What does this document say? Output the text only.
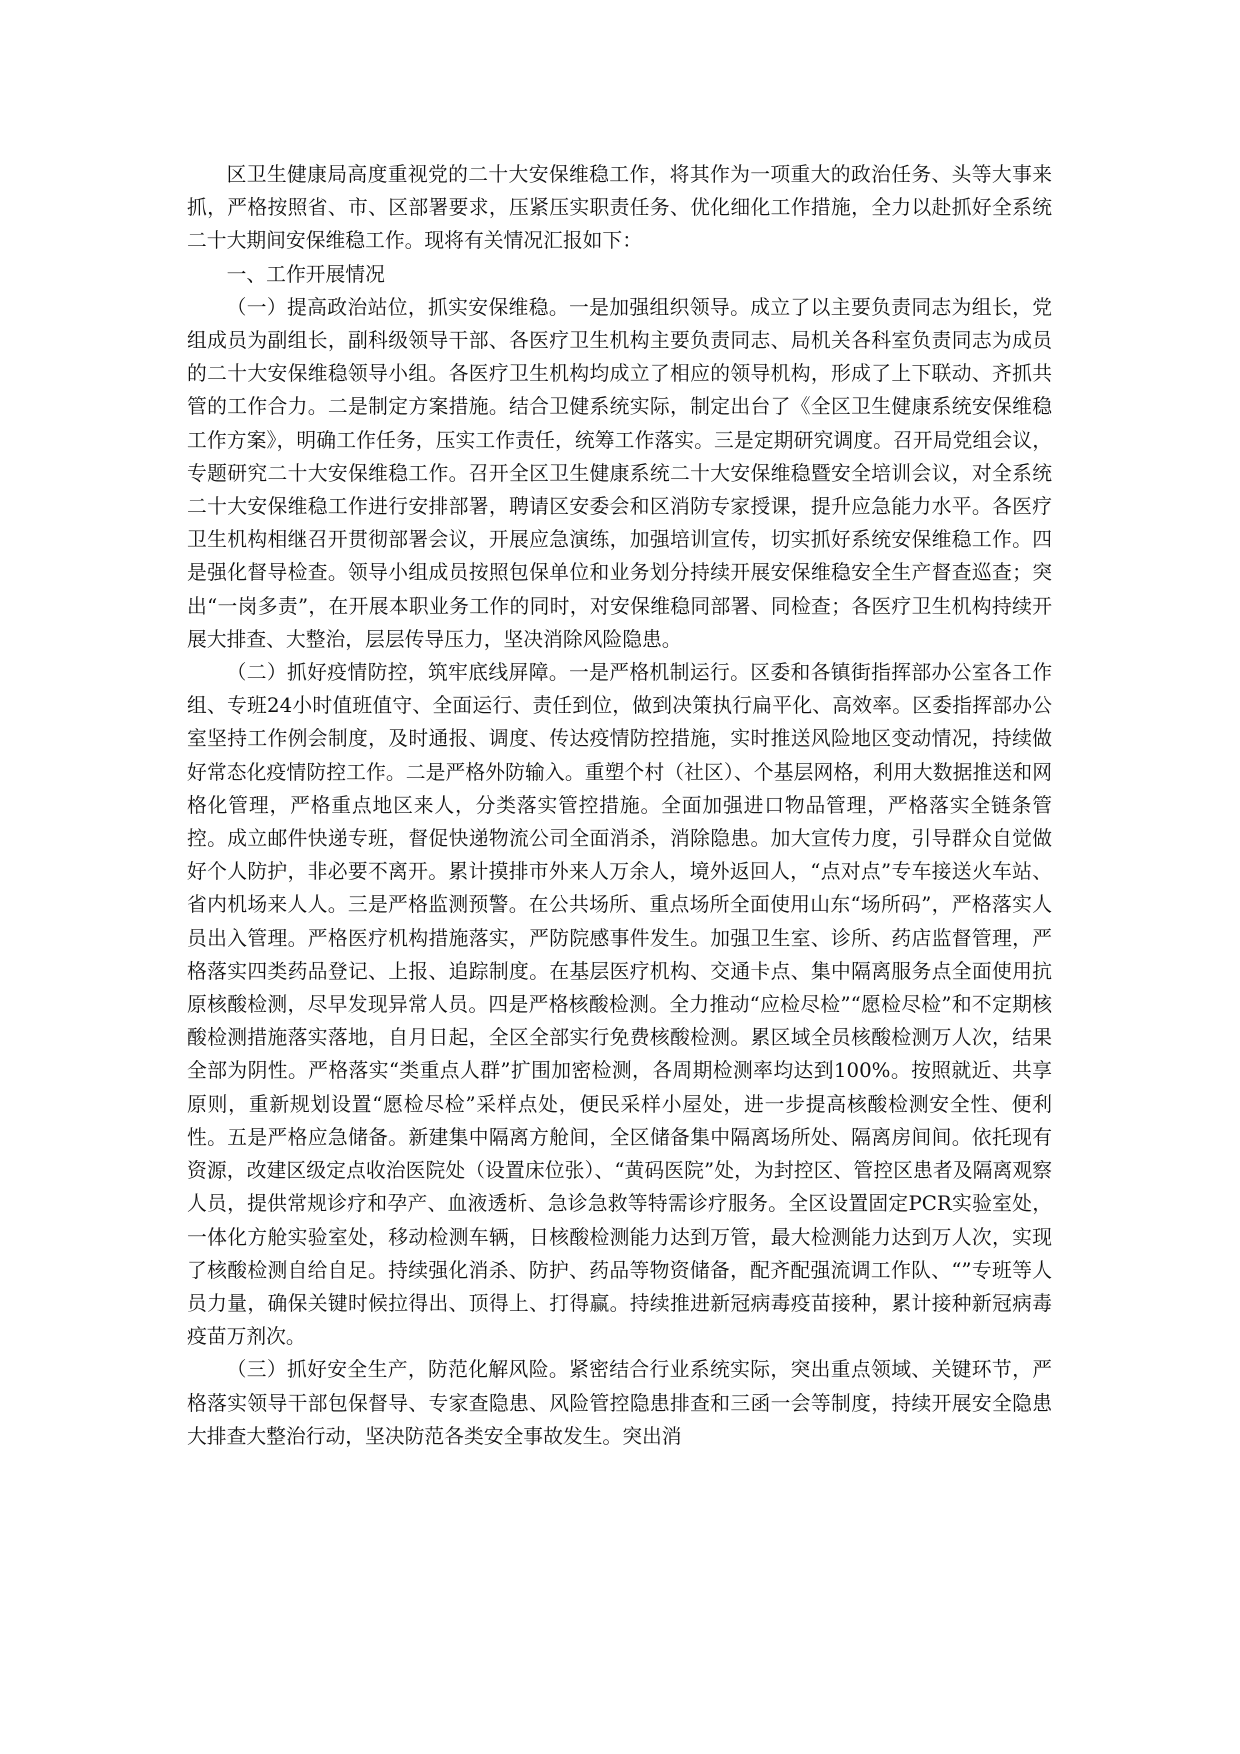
区卫生健康局高度重视党的二十大安保维稳工作，将其作为一项重大的政治任务、头等大事来抓，严格按照省、市、区部署要求，压紧压实职责任务、优化细化工作措施，全力以赴抓好全系统二十大期间安保维稳工作。现将有关情况汇报如下：

一、工作开展情况

（一）提高政治站位，抓实安保维稳。一是加强组织领导。成立了以主要负责同志为组长，党组成员为副组长，副科级领导干部、各医疗卫生机构主要负责同志、局机关各科室负责同志为成员的二十大安保维稳领导小组。各医疗卫生机构均成立了相应的领导机构，形成了上下联动、齐抓共管的工作合力。二是制定方案措施。结合卫健系统实际，制定出台了《全区卫生健康系统安保维稳工作方案》，明确工作任务，压实工作责任，统筹工作落实。三是定期研究调度。召开局党组会议，专题研究二十大安保维稳工作。召开全区卫生健康系统二十大安保维稳暨安全培训会议，对全系统二十大安保维稳工作进行安排部署，聘请区安委会和区消防专家授课，提升应急能力水平。各医疗卫生机构相继召开贯彻部署会议，开展应急演练，加强培训宣传，切实抓好系统安保维稳工作。四是强化督导检查。领导小组成员按照包保单位和业务划分持续开展安保维稳安全生产督查巡查；突出“一岗多责”，在开展本职业务工作的同时，对安保维稳同部署、同检查；各医疗卫生机构持续开展大排查、大整治，层层传导压力，坚决消除风险隐患。

（二）抓好疫情防控，筑牢底线屏障。一是严格机制运行。区委和各镇街指挥部办公室各工作组、专班24小时值班值守、全面运行、责任到位，做到决策执行扁平化、高效率。区委指挥部办公室坚持工作例会制度，及时通报、调度、传达疫情防控措施，实时推送风险地区变动情况，持续做好常态化疫情防控工作。二是严格外防输入。重塑个村（社区）、个基层网格，利用大数据推送和网格化管理，严格重点地区来人，分类落实管控措施。全面加强进口物品管理，严格落实全链条管控。成立邮件快递专班，督促快递物流公司全面消杀，消除隐患。加大宣传力度，引导群众自觉做好个人防护，非必要不离开。累计摸排市外来人万余人，境外返回人，“点对点”专车接送火车站、省内机场来人人。三是严格监测预警。在公共场所、重点场所全面使用山东“场所码”，严格落实人员出入管理。严格医疗机构措施落实，严防院感事件发生。加强卫生室、诊所、药店监督管理，严格落实四类药品登记、上报、追踪制度。在基层医疗机构、交通卡点、集中隔离服务点全面使用抗原核酸检测，尽早发现异常人员。四是严格核酸检测。全力推动“应检尽检”“愿检尽检”和不定期核酸检测措施落实落地，自月日起，全区全部实行免费核酸检测。累区域全员核酸检测万人次，结果全部为阴性。严格落实“类重点人群”扩围加密检测，各周期检测率均达到100%。按照就近、共享原则，重新规划设置“愿检尽检”采样点处，便民采样小屋处，进一步提高核酸检测安全性、便利性。五是严格应急储备。新建集中隔离方舱间，全区储备集中隔离场所处、隔离房间间。依托现有资源，改建区级定点收治医院处（设置床位张）、“黄码医院”处，为封控区、管控区患者及隔离观察人员，提供常规诊疗和孕产、血液透析、急诊急救等特需诊疗服务。全区设置固定PCR实验室处，一体化方舱实验室处，移动检测车辆，日核酸检测能力达到万管，最大检测能力达到万人次，实现了核酸检测自给自足。持续强化消杀、防护、药品等物资储备，配齐配强流调工作队、“”专班等人员力量，确保关键时候拉得出、顶得上、打得赢。持续推进新冠病毒疫苗接种，累计接种新冠病毒疫苗万剂次。

（三）抓好安全生产，防范化解风险。紧密结合行业系统实际，突出重点领域、关键环节，严格落实领导干部包保督导、专家查隐患、风险管控隐患排查和三函一会等制度，持续开展安全隐患大排查大整治行动，坚决防范各类安全事故发生。突出消
